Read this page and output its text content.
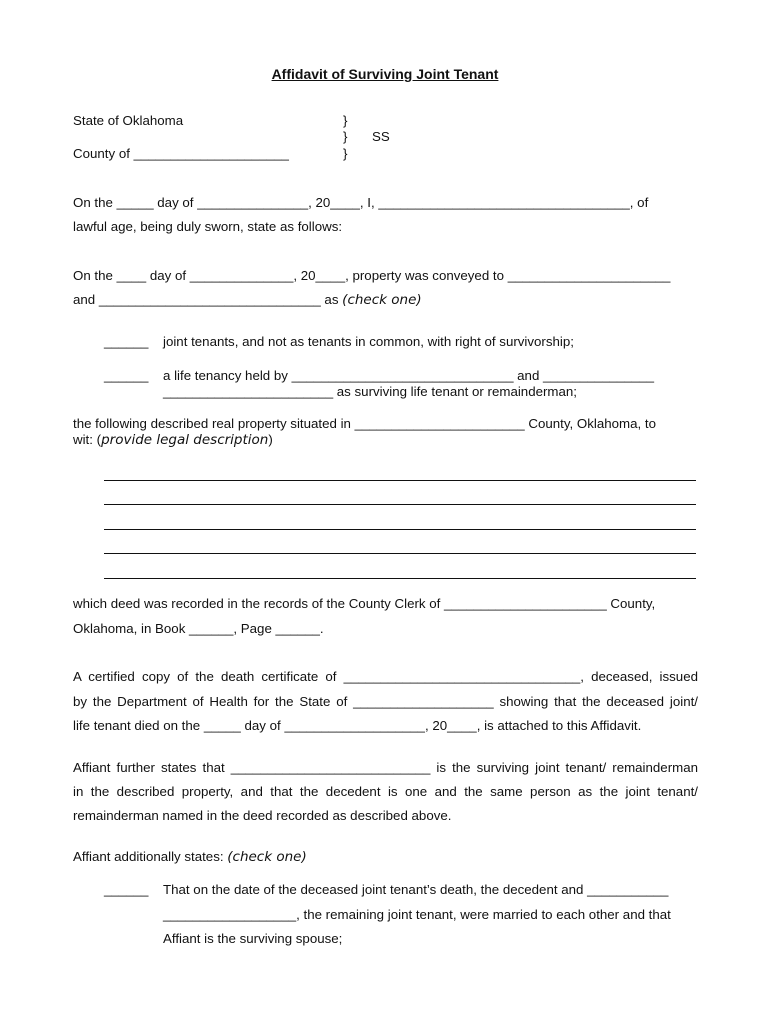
Affidavit of Surviving Joint Tenant
State of Oklahoma
County of _____________________
}
}
}
SS
On the _____ day of _______________, 20____, I, __________________________________, of
lawful age, being duly sworn, state as follows:
On the ____ day of ______________, 20____, property was conveyed to ______________________
and ______________________________ as (check one)
______ joint tenants, and not as tenants in common, with right of survivorship;
______ a life tenancy held by ______________________________ and _______________
_______________________ as surviving life tenant or remainderman;
the following described real property situated in _______________________ County, Oklahoma, to
wit: (provide legal description)
which deed was recorded in the records of the County Clerk of ______________________ County,
Oklahoma, in Book ______, Page ______.
A certified copy of the death certificate of ________________________________, deceased, issued
by the Department of Health for the State of ___________________ showing that the deceased joint/
life tenant died on the _____ day of ___________________, 20____, is attached to this Affidavit.
Affiant further states that ___________________________ is the surviving joint tenant/ remainderman
in the described property, and that the decedent is one and the same person as the joint tenant/
remainderman named in the deed recorded as described above.
Affiant additionally states: (check one)
______ That on the date of the deceased joint tenant’s death, the decedent and ___________
__________________, the remaining joint tenant, were married to each other and that
Affiant is the surviving spouse;
